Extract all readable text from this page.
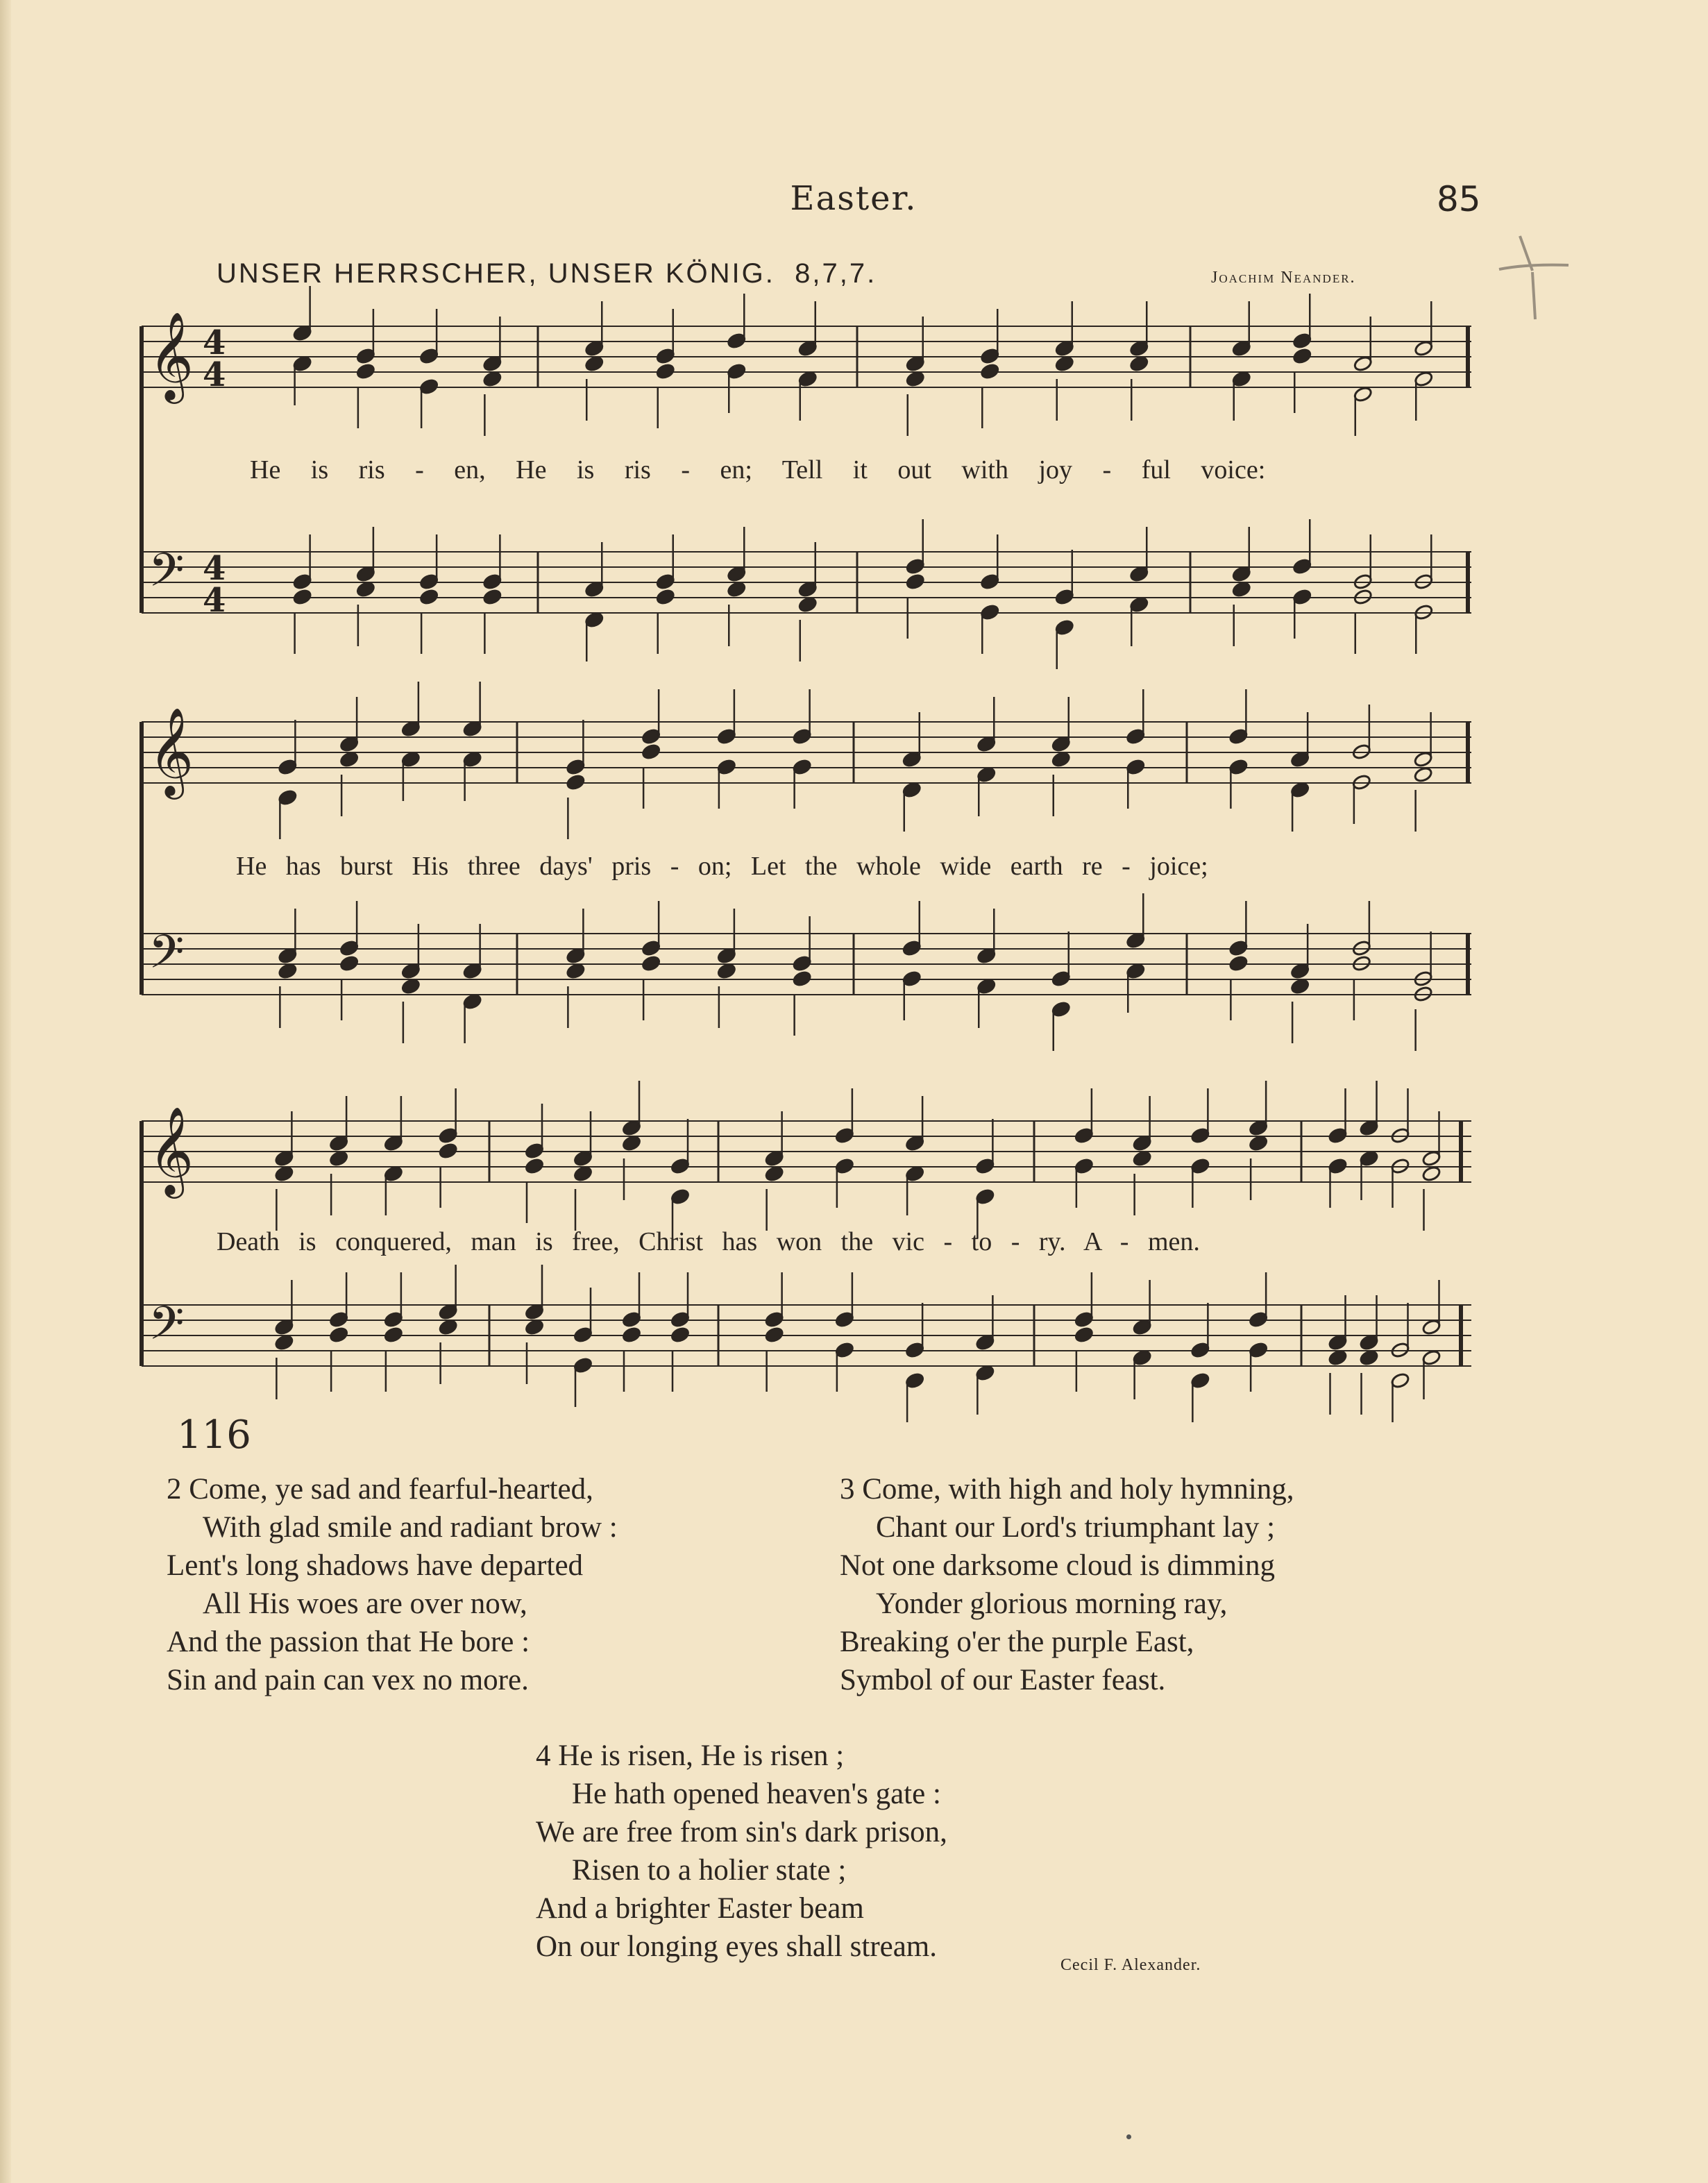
Easter.	85
UNSER HERRSCHER, UNSER KÖNIG. 8,7,7.	Joachim Neander.
𝄞 4
4
𝄢 4
4
He is ris - en, He is ris - en; Tell it out with joy - ful voice:
𝄞
𝄢
He has burst His three days' pris - on; Let the whole wide earth re - joice;
𝄞
𝄢
Death is conquered, man is free, Christ has won the vic - to - ry. A - men.
116
2 Come, ye sad and fearful-hearted,
With glad smile and radiant brow :
Lent's long shadows have departed
All His woes are over now,
And the passion that He bore :
Sin and pain can vex no more.
3 Come, with high and holy hymning,
Chant our Lord's triumphant lay ;
Not one darksome cloud is dimming
Yonder glorious morning ray,
Breaking o'er the purple East,
Symbol of our Easter feast.
4 He is risen, He is risen ;
He hath opened heaven's gate :
We are free from sin's dark prison,
Risen to a holier state ;
And a brighter Easter beam
On our longing eyes shall stream.
Cecil F. Alexander.
